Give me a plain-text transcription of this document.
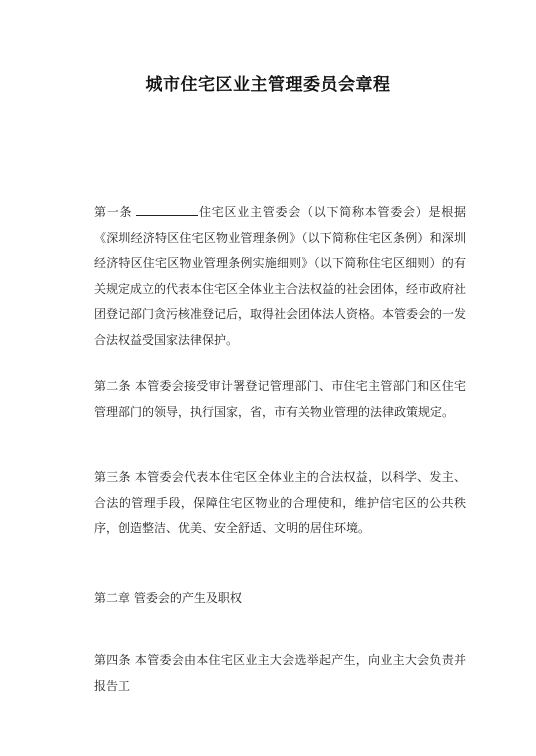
城市住宅区业主管理委员会章程
第一条	住宅区业主管委会（以下简称本管委会）是根据《深圳经济特区住宅区物业管理条例》（以下简称住宅区条例）和深圳经济特区住宅区物业管理条例实施细则》（以下简称住宅区细则）的有关规定成立的代表本住宅区全体业主合法权益的社会团体，经市政府社团登记部门贪污核准登记后，取得社会团体法人资格。本管委会的一发合法权益受国家法律保护。
第二条 本管委会接受审计署登记管理部门、市住宅主管部门和区住宅管理部门的领导，执行国家，省，市有关物业管理的法律政策规定。
第三条 本管委会代表本住宅区全体业主的合法权益，以科学、发主、合法的管理手段，保障住宅区物业的合理使和，维护信宅区的公共秩序，创造整洁、优美、安全舒适、文明的居住环境。
第二章 管委会的产生及职权
第四条 本管委会由本住宅区业主大会选举起产生，向业主大会负责并报告工
